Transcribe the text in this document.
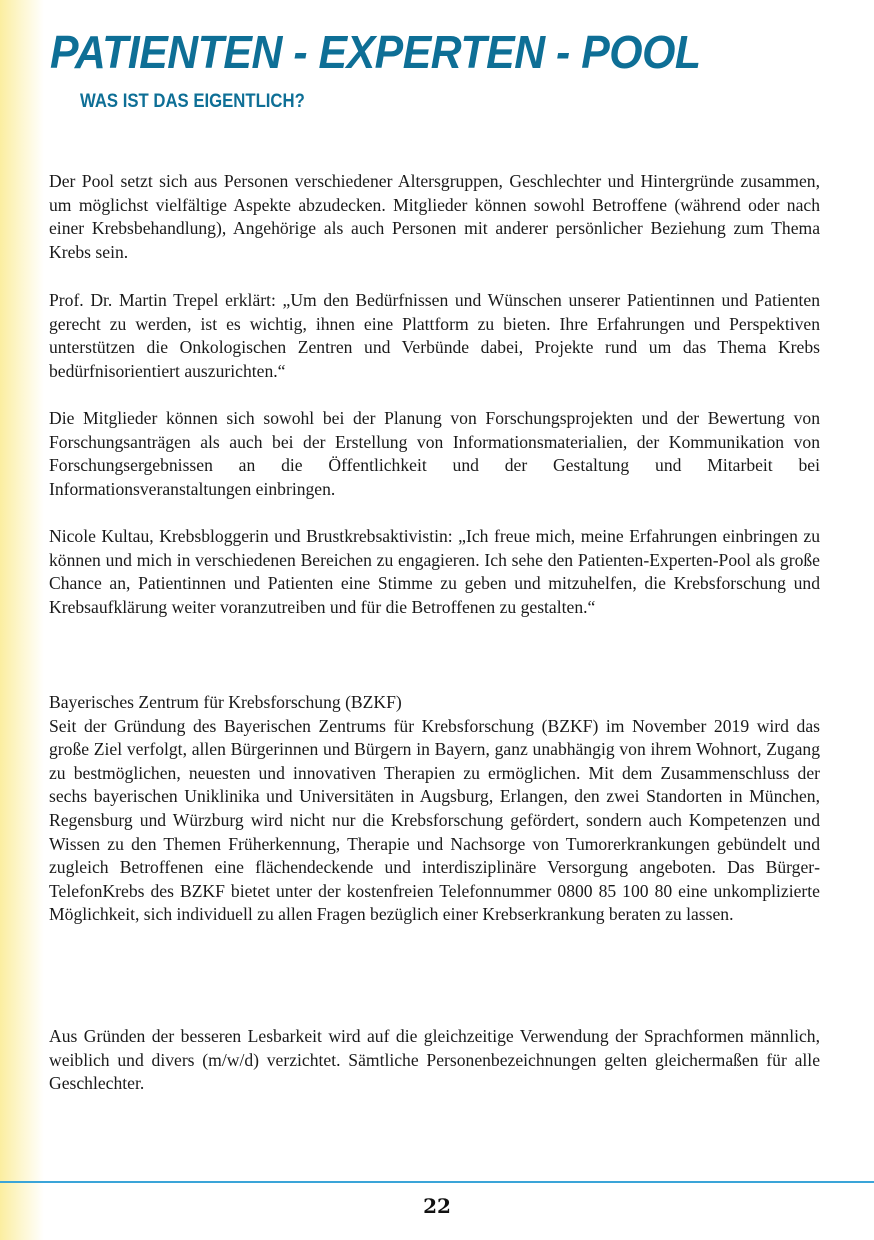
PATIENTEN - EXPERTEN - POOL
WAS IST DAS EIGENTLICH?

Der Pool setzt sich aus Personen verschiedener Altersgruppen, Geschlechter und Hintergründe zusammen, um möglichst vielfältige Aspekte abzudecken. Mitglieder können sowohl Betroffene (während oder nach einer Krebsbehandlung), Angehörige als auch Personen mit anderer persönlicher Beziehung zum Thema Krebs sein.

Prof. Dr. Martin Trepel erklärt: „Um den Bedürfnissen und Wünschen unserer Patientinnen und Patienten gerecht zu werden, ist es wichtig, ihnen eine Plattform zu bieten. Ihre Erfahrungen und Perspektiven unterstützen die Onkologischen Zentren und Verbünde dabei, Projekte rund um das Thema Krebs bedürfnisorientiert auszurichten.“

Die Mitglieder können sich sowohl bei der Planung von Forschungsprojekten und der Bewertung von Forschungsanträgen als auch bei der Erstellung von Informationsmaterialien, der Kommunikation von Forschungsergebnissen an die Öffentlichkeit und der Gestaltung und Mitarbeit bei Informationsveranstaltungen einbringen.

Nicole Kultau, Krebsbloggerin und Brustkrebsaktivistin: „Ich freue mich, meine Erfahrungen einbringen zu können und mich in verschiedenen Bereichen zu engagieren. Ich sehe den Patienten-Experten-Pool als große Chance an, Patientinnen und Patienten eine Stimme zu geben und mitzuhelfen, die Krebsforschung und Krebsaufklärung weiter voranzutreiben und für die Betroffenen zu gestalten.“

Bayerisches Zentrum für Krebsforschung (BZKF)

Seit der Gründung des Bayerischen Zentrums für Krebsforschung (BZKF) im November 2019 wird das große Ziel verfolgt, allen Bürgerinnen und Bürgern in Bayern, ganz unabhängig von ihrem Wohnort, Zugang zu bestmöglichen, neuesten und innovativen Therapien zu ermöglichen. Mit dem Zusammenschluss der sechs bayerischen Uniklinika und Universitäten in Augsburg, Erlangen, den zwei Standorten in München, Regensburg und Würzburg wird nicht nur die Krebsforschung gefördert, sondern auch Kompetenzen und Wissen zu den Themen Früherkennung, Therapie und Nachsorge von Tumorerkrankungen gebündelt und zugleich Betroffenen eine flächendeckende und interdisziplinäre Versorgung angeboten. Das BürgerTelefonKrebs des BZKF bietet unter der kostenfreien Telefonnummer 0800 85 100 80 eine unkomplizierte Möglichkeit, sich individuell zu allen Fragen bezüglich einer Krebserkrankung beraten zu lassen.

Aus Gründen der besseren Lesbarkeit wird auf die gleichzeitige Verwendung der Sprachformen männlich, weiblich und divers (m/w/d) verzichtet. Sämtliche Personenbezeichnungen gelten gleichermaßen für alle Geschlechter.

22
